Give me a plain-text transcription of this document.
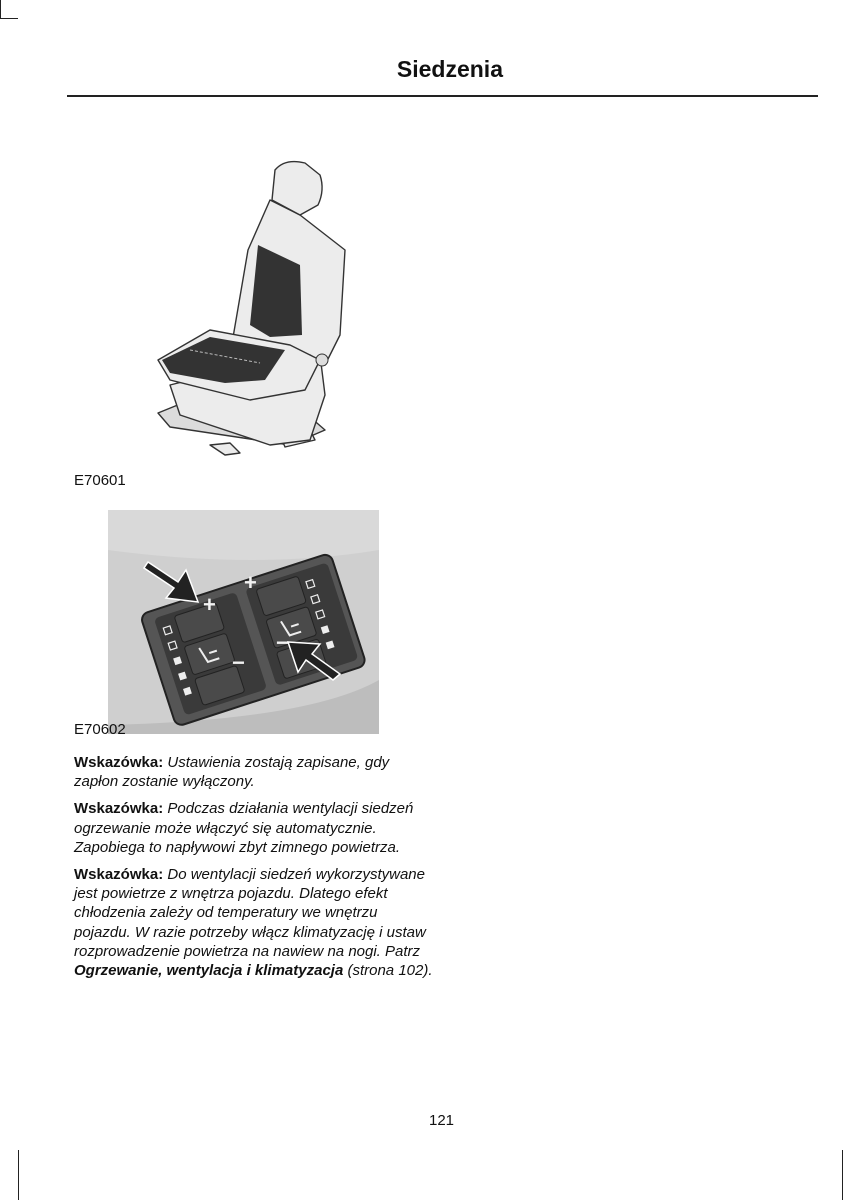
Siedzenia
E70601
+
+
−
−
E70602

Wskazówka: Ustawienia zostają zapisane, gdy zapłon zostanie wyłączony.

Wskazówka: Podczas działania wentylacji siedzeń ogrzewanie może włączyć się automatycznie. Zapobiega to napływowi zbyt zimnego powietrza.

Wskazówka: Do wentylacji siedzeń wykorzystywane jest powietrze z wnętrza pojazdu. Dlatego efekt chłodzenia zależy od temperatury we wnętrzu pojazdu. W razie potrzeby włącz klimatyzację i ustaw rozprowadzenie powietrza na nawiew na nogi. Patrz Ogrzewanie, wentylacja i klimatyzacja (strona 102).

121
